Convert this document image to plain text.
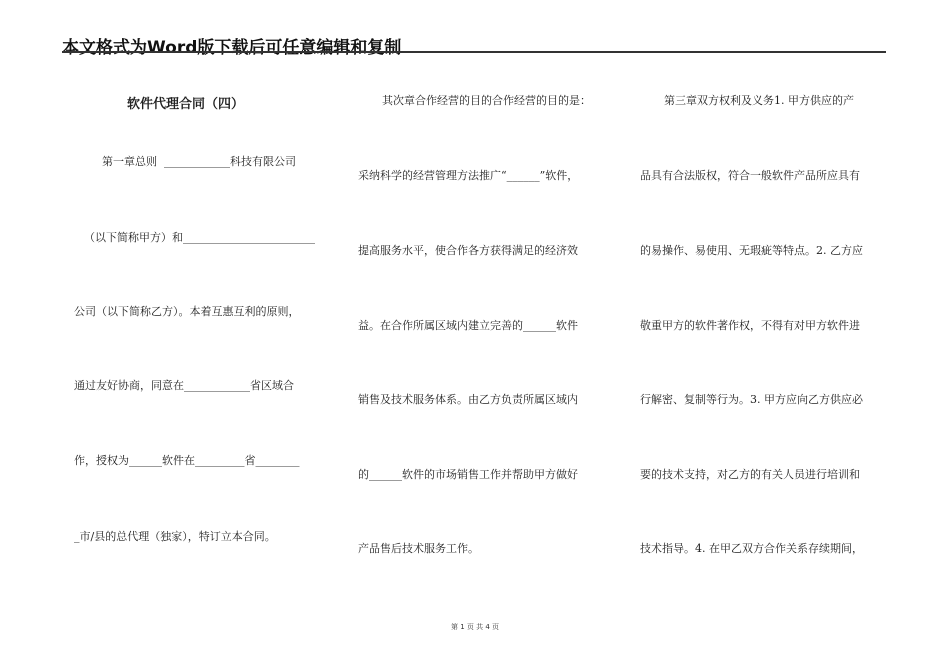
本文格式为Word版下载后可任意编辑和复制
软件代理合同（四）
第一章总则  ____________科技有限公司
（以下简称甲方）和________________________
公司（以下简称乙方）。本着互惠互利的原则，
通过友好协商，同意在____________省区域合
作，授权为______软件在_________省________
_市/县的总代理（独家），特订立本合同。
其次章合作经营的目的合作经营的目的是：
采纳科学的经营管理方法推广“______”软件，
提高服务水平，使合作各方获得满足的经济效
益。在合作所属区域内建立完善的______软件
销售及技术服务体系。由乙方负责所属区域内
的______软件的市场销售工作并帮助甲方做好
产品售后技术服务工作。
第三章双方权利及义务1. 甲方供应的产
品具有合法版权，符合一般软件产品所应具有
的易操作、易使用、无瑕疵等特点。2. 乙方应
敬重甲方的软件著作权，不得有对甲方软件进
行解密、复制等行为。3. 甲方应向乙方供应必
要的技术支持，对乙方的有关人员进行培训和
技术指导。4. 在甲乙双方合作关系存续期间，
第 1 页 共 4 页
